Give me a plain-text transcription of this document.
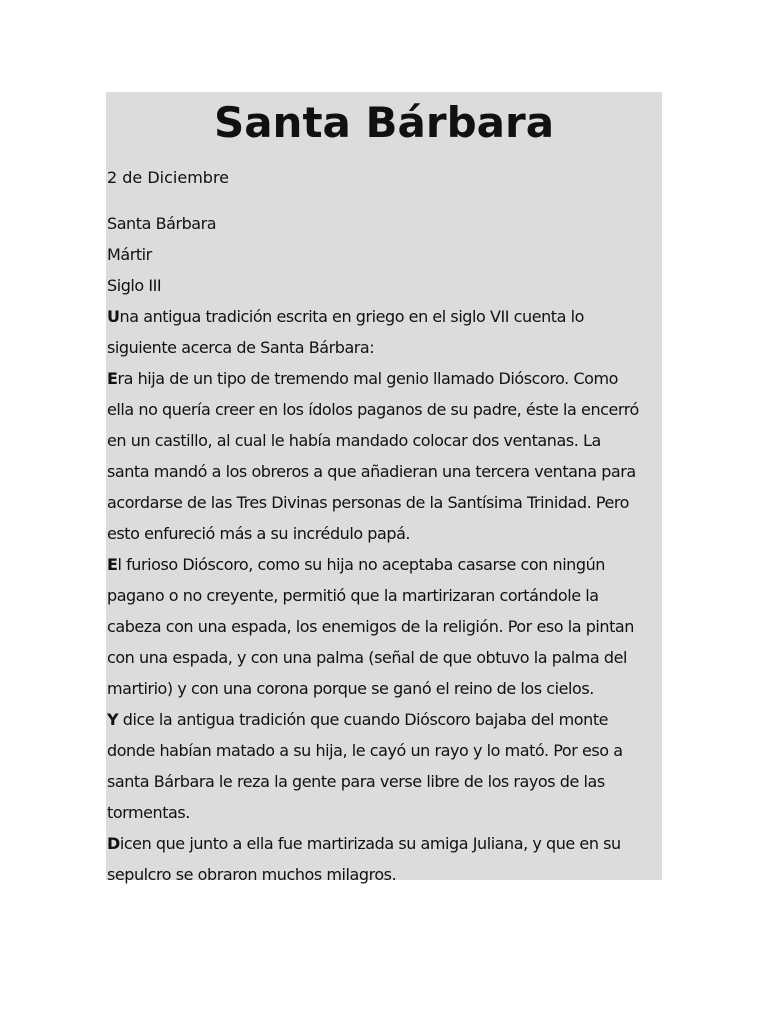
Santa Bárbara
2 de Diciembre
Santa Bárbara
Mártir
Siglo III
Una antigua tradición escrita en griego en el siglo VII cuenta lo
siguiente acerca de Santa Bárbara:
Era hija de un tipo de tremendo mal genio llamado Dióscoro. Como
ella no quería creer en los ídolos paganos de su padre, éste la encerró
en un castillo, al cual le había mandado colocar dos ventanas. La
santa mandó a los obreros a que añadieran una tercera ventana para
acordarse de las Tres Divinas personas de la Santísima Trinidad. Pero
esto enfureció más a su incrédulo papá.
El furioso Dióscoro, como su hija no aceptaba casarse con ningún
pagano o no creyente, permitió que la martirizaran cortándole la
cabeza con una espada, los enemigos de la religión. Por eso la pintan
con una espada, y con una palma (señal de que obtuvo la palma del
martirio) y con una corona porque se ganó el reino de los cielos.
Y dice la antigua tradición que cuando Dióscoro bajaba del monte
donde habían matado a su hija, le cayó un rayo y lo mató. Por eso a
santa Bárbara le reza la gente para verse libre de los rayos de las
tormentas.
Dicen que junto a ella fue martirizada su amiga Juliana, y que en su
sepulcro se obraron muchos milagros.
